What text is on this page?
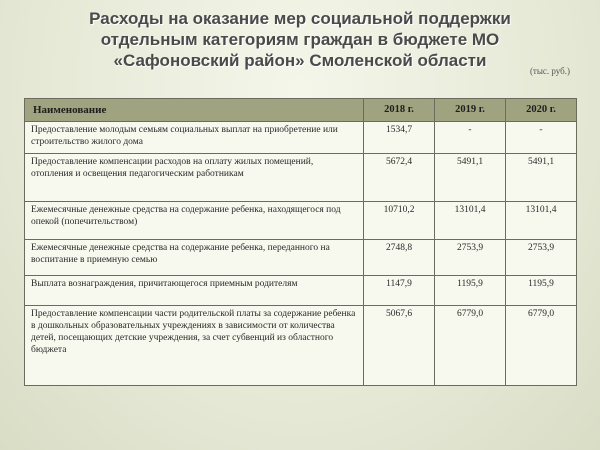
Расходы на оказание мер социальной поддержки
отдельным категориям граждан в бюджете МО
«Сафоновский район» Смоленской области
(тыс. руб.)
Наименование	2018 г.	2019 г.	2020 г.
Предоставление молодым семьям социальных выплат на приобретение или строительство жилого дома	1534,7	-	-
Предоставление компенсации расходов на оплату жилых помещений, отопления и освещения педагогическим работникам	5672,4	5491,1	5491,1
Ежемесячные денежные средства на содержание ребенка, находящегося под опекой (попечительством)	10710,2	13101,4	13101,4
Ежемесячные денежные средства на содержание ребенка, переданного на воспитание в приемную семью	2748,8	2753,9	2753,9
Выплата вознаграждения, причитающегося приемным родителям	1147,9	1195,9	1195,9
Предоставление компенсации части родительской платы за содержание ребенка в дошкольных образовательных учреждениях в зависимости от количества детей, посещающих детские учреждения, за счет субвенций из областного бюджета	5067,6	6779,0	6779,0
